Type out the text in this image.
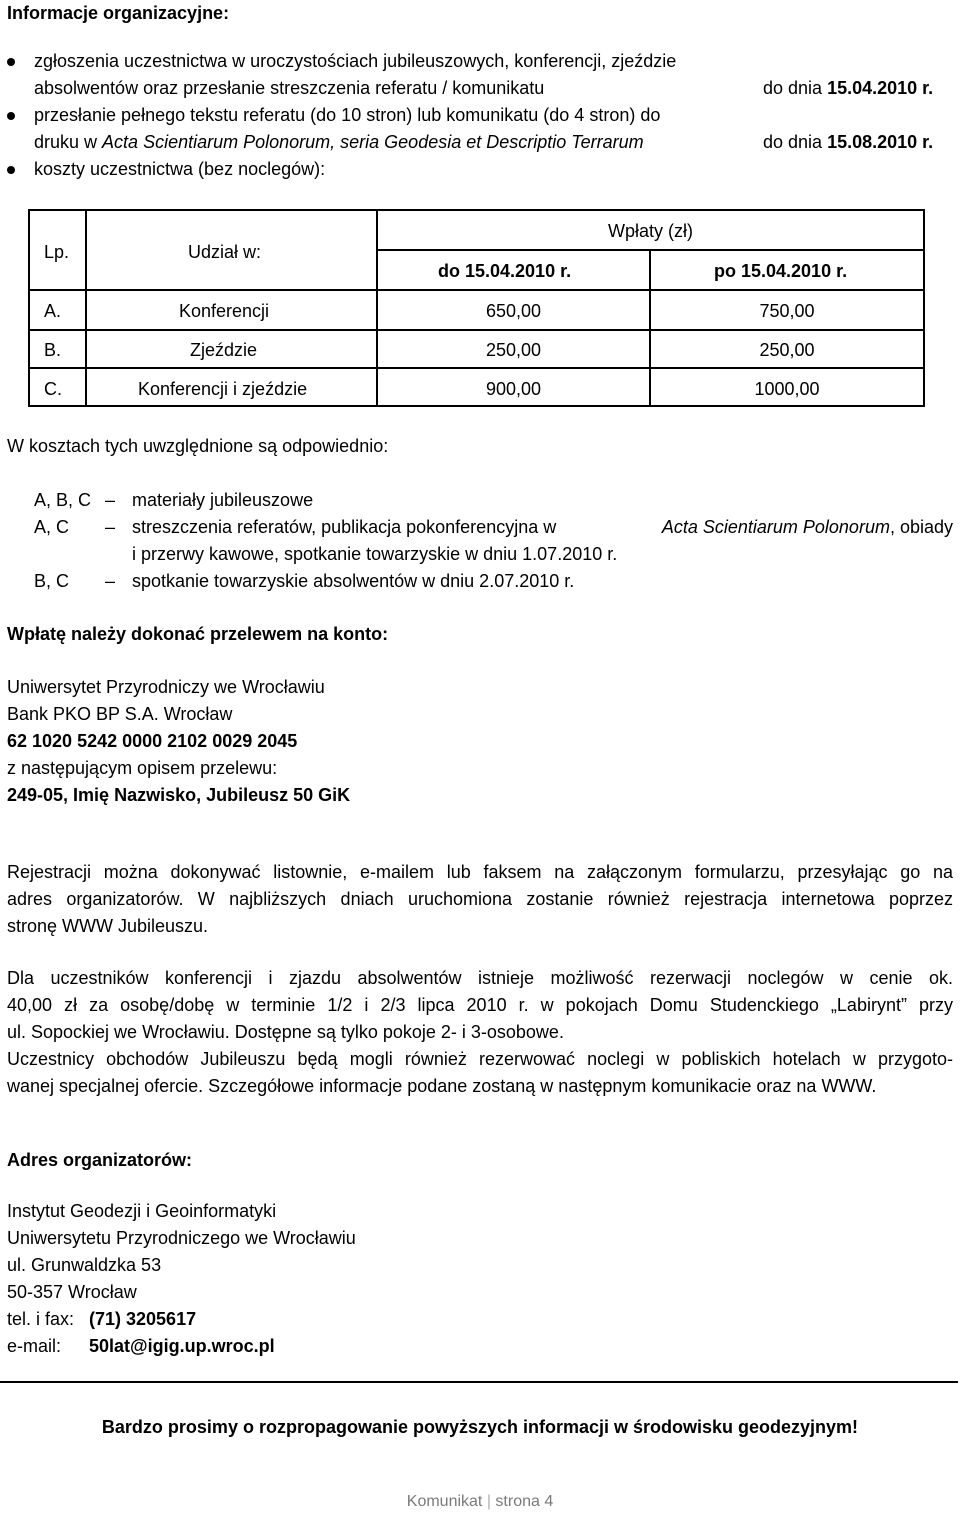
Informacje organizacyjne:
zgłoszenia uczestnictwa w uroczystościach jubileuszowych, konferencji, zjeździe
absolwentów oraz przesłanie streszczenia referatu / komunikatu	do dnia 15.04.2010 r.
przesłanie pełnego tekstu referatu (do 10 stron) lub komunikatu (do 4 stron) do
druku w Acta Scientiarum Polonorum, seria Geodesia et Descriptio Terrarum	do dnia 15.08.2010 r.
koszty uczestnictwa (bez noclegów):
Lp.	Udział w:
Wpłaty (zł)
do 15.04.2010 r.	po 15.04.2010 r.
A.	Konferencji	650,00	750,00
B.	Zjeździe	250,00	250,00
C.	Konferencji i zjeździe	900,00	1000,00
W kosztach tych uwzględnione są odpowiednio:
A, B, C – materiały jubileuszowe
A, C – streszczenia referatów, publikacja pokonferencyjna w	Acta Scientiarum Polonorum, obiady
i przerwy kawowe, spotkanie towarzyskie w dniu 1.07.2010 r.
B, C – spotkanie towarzyskie absolwentów w dniu 2.07.2010 r.
Wpłatę należy dokonać przelewem na konto:
Uniwersytet Przyrodniczy we Wrocławiu
Bank PKO BP S.A. Wrocław
62 1020 5242 0000 2102 0029 2045
z następującym opisem przelewu:
249-05, Imię Nazwisko, Jubileusz 50 GiK
Rejestracji można dokonywać listownie, e-mailem lub faksem na załączonym formularzu, przesyłając go na
adres organizatorów. W najbliższych dniach uruchomiona zostanie również rejestracja internetowa poprzez
stronę WWW Jubileuszu.
Dla uczestników konferencji i zjazdu absolwentów istnieje możliwość rezerwacji noclegów w cenie ok.
40,00 zł za osobę/dobę w terminie 1/2 i 2/3 lipca 2010 r. w pokojach Domu Studenckiego „Labirynt” przy
ul. Sopockiej we Wrocławiu. Dostępne są tylko pokoje 2- i 3-osobowe.
Uczestnicy obchodów Jubileuszu będą mogli również rezerwować noclegi w pobliskich hotelach w przygoto-
wanej specjalnej ofercie. Szczegółowe informacje podane zostaną w następnym komunikacie oraz na WWW.
Adres organizatorów:
Instytut Geodezji i Geoinformatyki
Uniwersytetu Przyrodniczego we Wrocławiu
ul. Grunwaldzka 53
50-357 Wrocław
tel. i fax: (71) 3205617
e-mail: 50lat@igig.up.wroc.pl
Bardzo prosimy o rozpropagowanie powyższych informacji w środowisku geodezyjnym!
Komunikat | strona 4
